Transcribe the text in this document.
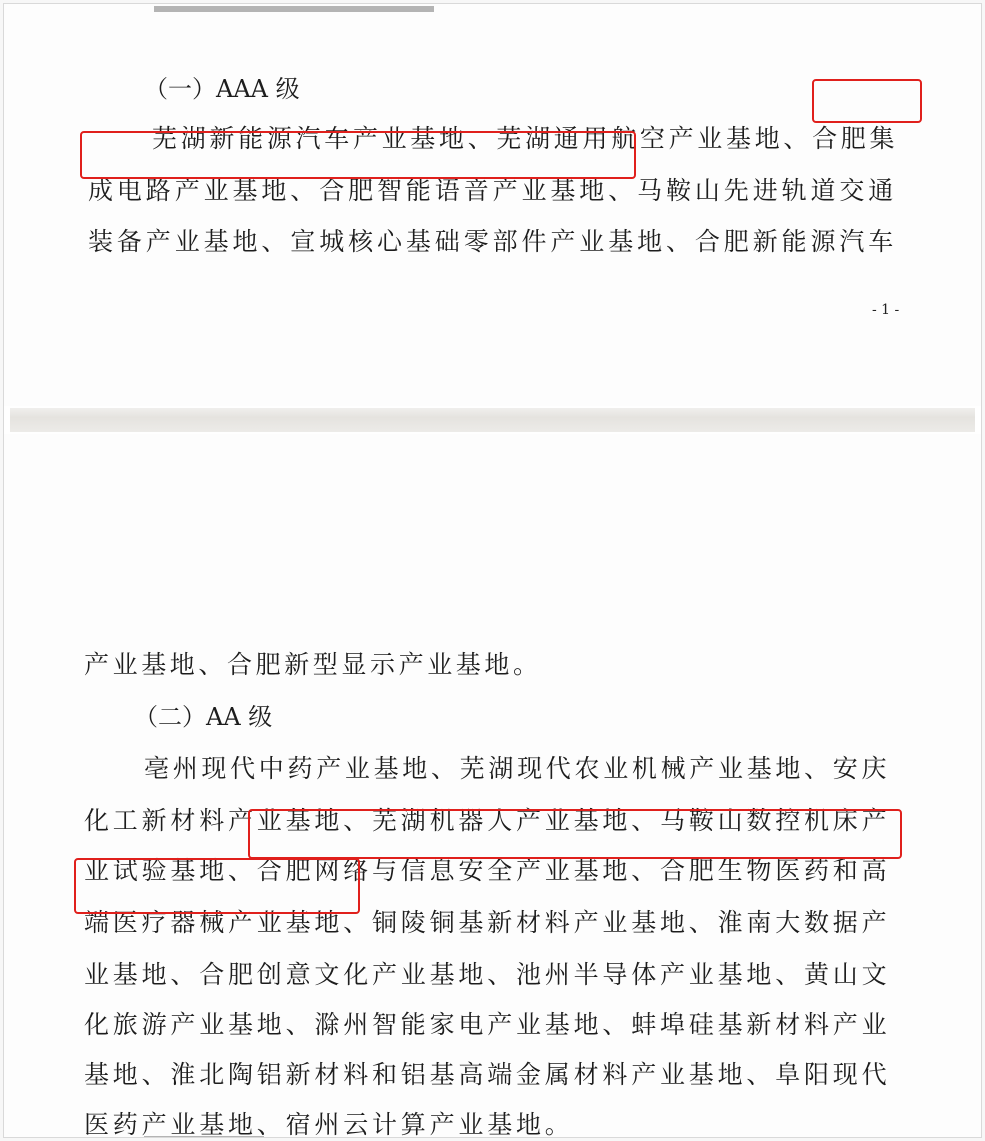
（一）AAA 级

芜湖新能源汽车产业基地、芜湖通用航空产业基地、合肥集

成电路产业基地、合肥智能语音产业基地、马鞍山先进轨道交通

装备产业基地、宣城核心基础零部件产业基地、合肥新能源汽车

- 1 -

产业基地、合肥新型显示产业基地。

（二）AA 级

亳州现代中药产业基地、芜湖现代农业机械产业基地、安庆

化工新材料产业基地、芜湖机器人产业基地、马鞍山数控机床产

业试验基地、合肥网络与信息安全产业基地、合肥生物医药和高

端医疗器械产业基地、铜陵铜基新材料产业基地、淮南大数据产

业基地、合肥创意文化产业基地、池州半导体产业基地、黄山文

化旅游产业基地、滁州智能家电产业基地、蚌埠硅基新材料产业

基地、淮北陶铝新材料和铝基高端金属材料产业基地、阜阳现代

医药产业基地、宿州云计算产业基地。
